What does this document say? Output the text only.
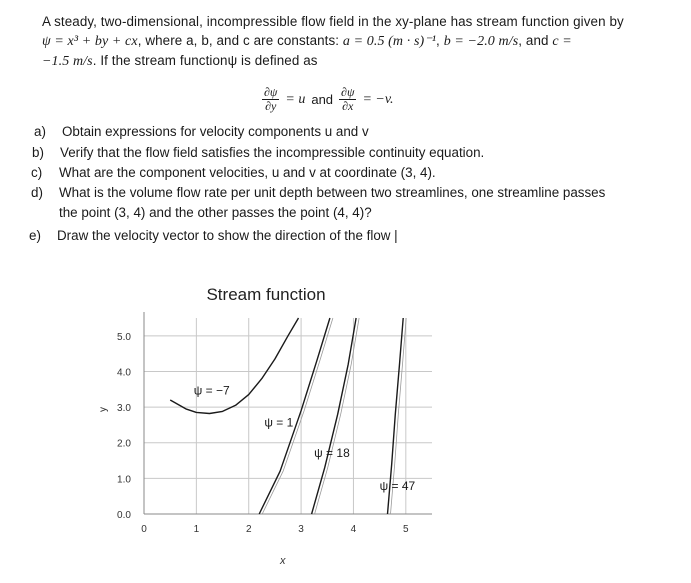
A steady, two-dimensional, incompressible flow field in the xy-plane has stream function given by
ψ = x³ + by + cx, where a, b, and c are constants: a = 0.5 (m · s)⁻¹, b = −2.0 m/s, and c =
−1.5 m/s. If the stream functionψ is defined as
$\frac{\partial\psi}{\partial y} = u$ and $\frac{\partial\psi}{\partial x} = -v$.
a)	Obtain expressions for velocity components u and v
b)	Verify that the flow field satisfies the incompressible continuity equation.
c)	What are the component velocities, u and v at coordinate (3, 4).
d)	What is the volume flow rate per unit depth between two streamlines, one streamline passes
the point (3, 4) and the other passes the point (4, 4)?
e)	Draw the velocity vector to show the direction of the flow |
Stream function
0.0
1.0
2.0
3.0
4.0
5.0
0	1	2	3	4	5
ψ = −7
ψ = 1
ψ = 18
ψ = 47
x
y
